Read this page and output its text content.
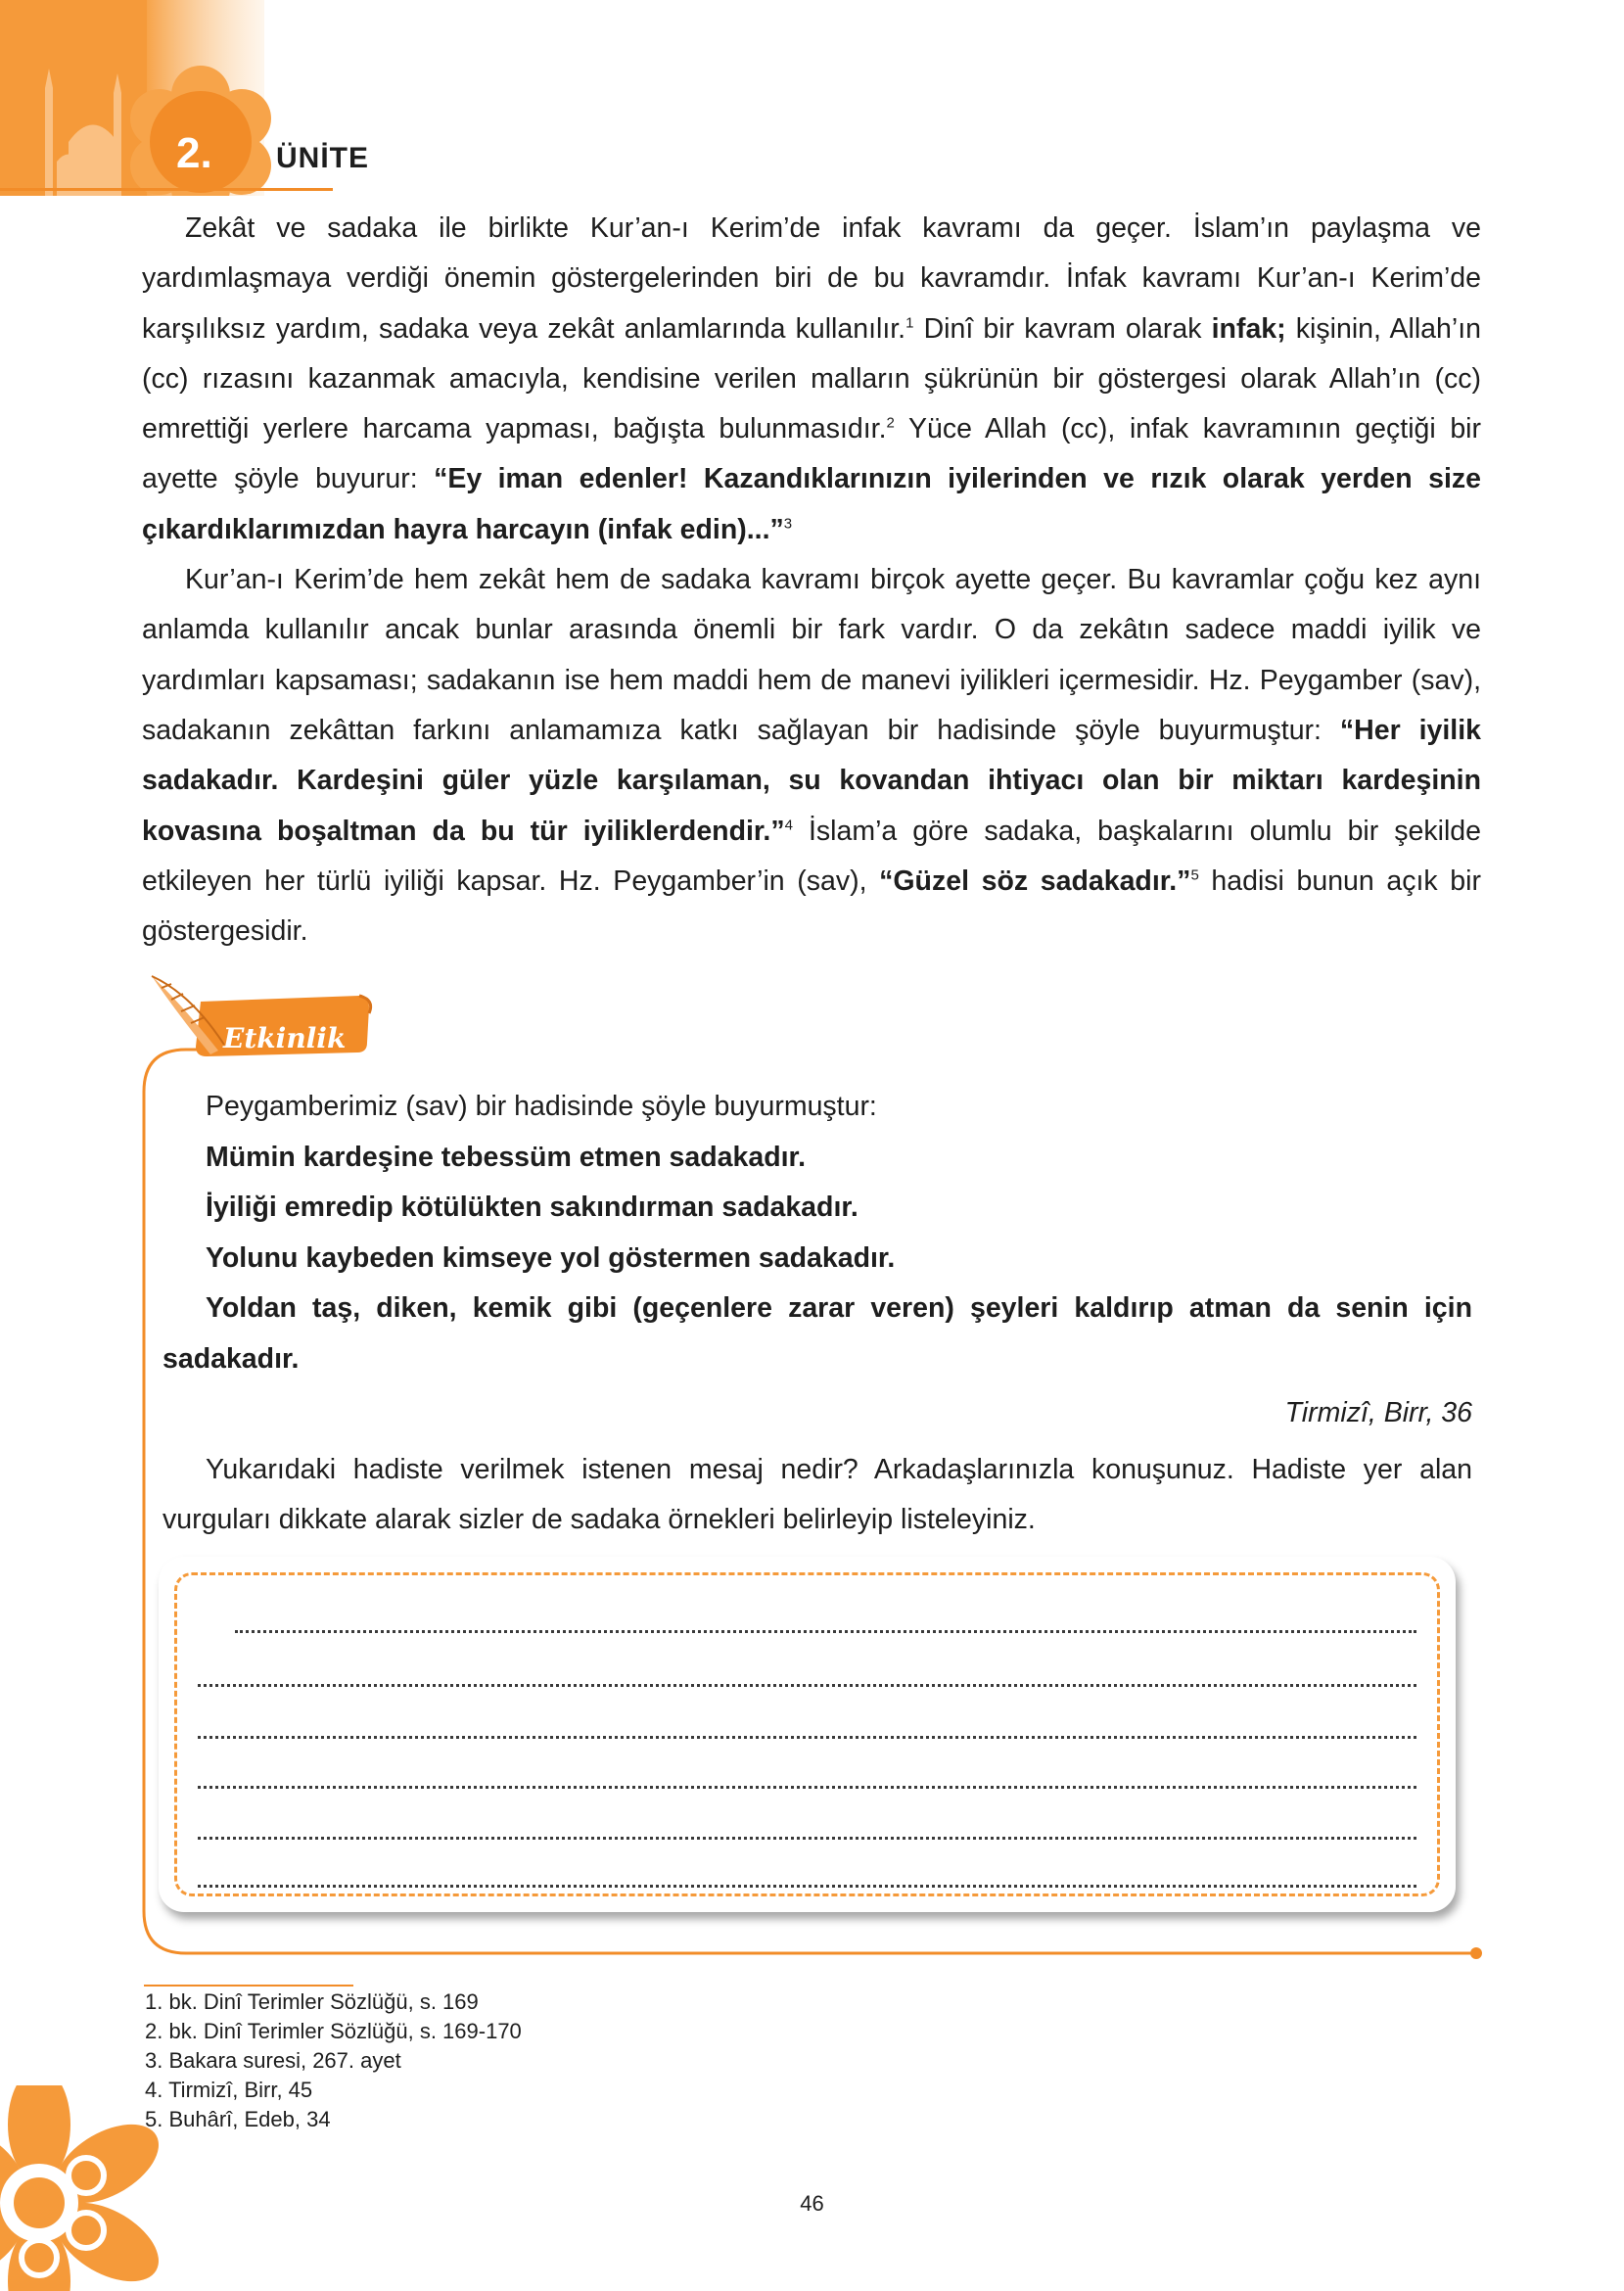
2. ÜNİTE

Zekât ve sadaka ile birlikte Kur’an-ı Kerim’de infak kavramı da geçer. İslam’ın paylaşma ve yardımlaşmaya verdiği önemin göstergelerinden biri de bu kavramdır. İnfak kavramı Kur’an-ı Kerim’de karşılıksız yardım, sadaka veya zekât anlamlarında kullanılır.$^1$ Dinî bir kavram olarak infak; kişinin, Allah’ın (cc) rızasını kazanmak amacıyla, kendisine verilen malların şükrünün bir göstergesi olarak Allah’ın (cc) emrettiği yerlere harcama yapması, bağışta bulunmasıdır.$^2$ Yüce Allah (cc), infak kavramının geçtiği bir ayette şöyle buyurur: “Ey iman edenler! Kazandıklarınızın iyilerinden ve rızık olarak yerden size çıkardıklarımızdan hayra harcayın (infak edin)...”$^3$

Kur’an-ı Kerim’de hem zekât hem de sadaka kavramı birçok ayette geçer. Bu kavramlar çoğu kez aynı anlamda kullanılır ancak bunlar arasında önemli bir fark vardır. O da zekâtın sadece maddi iyilik ve yardımları kapsaması; sadakanın ise hem maddi hem de manevi iyilikleri içermesidir. Hz. Peygamber (sav), sadakanın zekâttan farkını anlamamıza katkı sağlayan bir hadisinde şöyle buyurmuştur: “Her iyilik sadakadır. Kardeşini güler yüzle karşılaman, su kovandan ihtiyacı olan bir miktarı kardeşinin kovasına boşaltman da bu tür iyiliklerdendir.”$^4$ İslam’a göre sadaka, başkalarını olumlu bir şekilde etkileyen her türlü iyiliği kapsar. Hz. Peygamber’in (sav), “Güzel söz sadakadır.”$^5$ hadisi bunun açık bir göstergesidir.

Etkinlik

Peygamberimiz (sav) bir hadisinde şöyle buyurmuştur:

Mümin kardeşine tebessüm etmen sadakadır.

İyiliği emredip kötülükten sakındırman sadakadır.

Yolunu kaybeden kimseye yol göstermen sadakadır.

Yoldan taş, diken, kemik gibi (geçenlere zarar veren) şeyleri kaldırıp atman da senin için sadakadır.

Tirmizî, Birr, 36

Yukarıdaki hadiste verilmek istenen mesaj nedir? Arkadaşlarınızla konuşunuz. Hadiste yer alan vurguları dikkate alarak sizler de sadaka örnekleri belirleyip listeleyiniz.

1. bk. Dinî Terimler Sözlüğü, s. 169
2. bk. Dinî Terimler Sözlüğü, s. 169-170
3. Bakara suresi, 267. ayet
4. Tirmizî, Birr, 45
5. Buhârî, Edeb, 34
46
